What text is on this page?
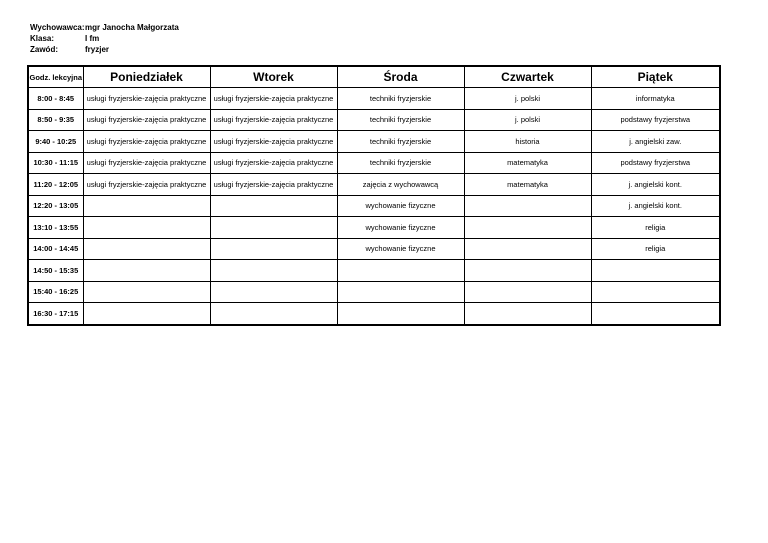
Wychowawca: mgr Janocha Małgorzata
Klasa:	I fm
Zawód:	fryzjer
Godz. lekcyjna	Poniedziałek	Wtorek	Środa	Czwartek	Piątek
8:00 - 8:45	usługi fryzjerskie-zajęcia praktyczne	usługi fryzjerskie-zajęcia praktyczne	techniki fryzjerskie	j. polski	informatyka
8:50 - 9:35	usługi fryzjerskie-zajęcia praktyczne	usługi fryzjerskie-zajęcia praktyczne	techniki fryzjerskie	j. polski	podstawy fryzjerstwa
9:40 - 10:25	usługi fryzjerskie-zajęcia praktyczne	usługi fryzjerskie-zajęcia praktyczne	techniki fryzjerskie	historia	j. angielski zaw.
10:30 - 11:15	usługi fryzjerskie-zajęcia praktyczne	usługi fryzjerskie-zajęcia praktyczne	techniki fryzjerskie	matematyka	podstawy fryzjerstwa
11:20 - 12:05	usługi fryzjerskie-zajęcia praktyczne	usługi fryzjerskie-zajęcia praktyczne	zajęcia z wychowawcą	matematyka	j. angielski kont.
12:20 - 13:05			wychowanie fizyczne		j. angielski kont.
13:10 - 13:55			wychowanie fizyczne		religia
14:00 - 14:45			wychowanie fizyczne		religia
14:50 - 15:35					
15:40 - 16:25					
16:30 - 17:15					
